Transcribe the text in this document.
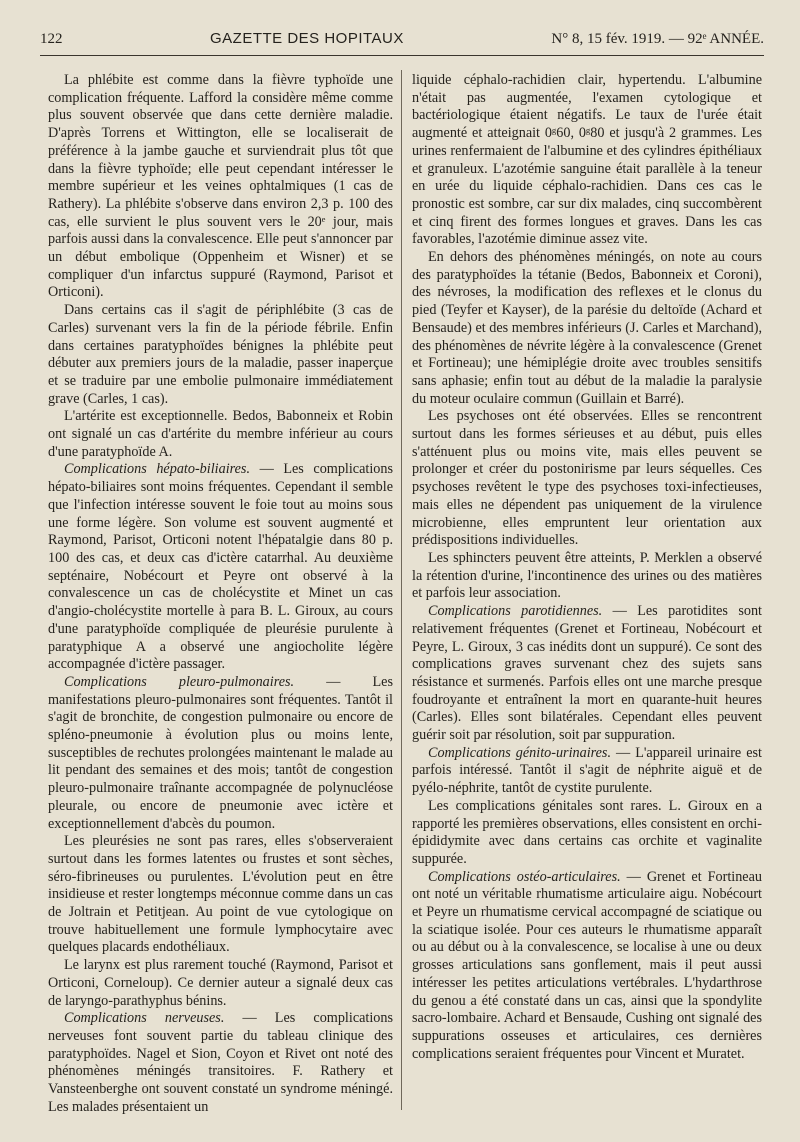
122	GAZETTE DES HOPITAUX	N° 8, 15 fév. 1919. — 92ᵉ ANNÉE.

La phlébite est comme dans la fièvre typhoïde une complication fréquente. Lafford la considère même comme plus souvent observée que dans cette dernière maladie. D'après Torrens et Wittington, elle se localiserait de préférence à la jambe gauche et surviendrait plus tôt que dans la fièvre typhoïde; elle peut cependant intéresser le membre supérieur et les veines ophtalmiques (1 cas de Rathery). La phlébite s'observe dans environ 2,3 p. 100 des cas, elle survient le plus souvent vers le 20ᵉ jour, mais parfois aussi dans la convalescence. Elle peut s'annoncer par un début embolique (Oppenheim et Wisner) et se compliquer d'un infarctus suppuré (Raymond, Parisot et Orticoni).

Dans certains cas il s'agit de périphlébite (3 cas de Carles) survenant vers la fin de la période fébrile. Enfin dans certaines paratyphoïdes bénignes la phlébite peut débuter aux premiers jours de la maladie, passer inaperçue et se traduire par une embolie pulmonaire immédiatement grave (Carles, 1 cas).

L'artérite est exceptionnelle. Bedos, Babonneix et Robin ont signalé un cas d'artérite du membre inférieur au cours d'une paratyphoïde A.

Complications hépato-biliaires. — Les complications hépato-biliaires sont moins fréquentes. Cependant il semble que l'infection intéresse souvent le foie tout au moins sous une forme légère. Son volume est souvent augmenté et Raymond, Parisot, Orticoni notent l'hépatalgie dans 80 p. 100 des cas, et deux cas d'ictère catarrhal. Au deuxième septénaire, Nobécourt et Peyre ont observé à la convalescence un cas de cholécystite et Minet un cas d'angio-cholécystite mortelle à para B. L. Giroux, au cours d'une paratyphoïde compliquée de pleurésie purulente à paratyphique A a observé une angiocholite légère accompagnée d'ictère passager.

Complications pleuro-pulmonaires. — Les manifestations pleuro-pulmonaires sont fréquentes. Tantôt il s'agit de bronchite, de congestion pulmonaire ou encore de spléno-pneumonie à évolution plus ou moins lente, susceptibles de rechutes prolongées maintenant le malade au lit pendant des semaines et des mois; tantôt de congestion pleuro-pulmonaire traînante accompagnée de polynucléose pleurale, ou encore de pneumonie avec ictère et exceptionnellement d'abcès du poumon.

Les pleurésies ne sont pas rares, elles s'observeraient surtout dans les formes latentes ou frustes et sont sèches, séro-fibrineuses ou purulentes. L'évolution peut en être insidieuse et rester longtemps méconnue comme dans un cas de Joltrain et Petitjean. Au point de vue cytologique on trouve habituellement une formule lymphocytaire avec quelques placards endothéliaux.

Le larynx est plus rarement touché (Raymond, Parisot et Orticoni, Corneloup). Ce dernier auteur a signalé deux cas de laryngo-parathyphus bénins.

Complications nerveuses. — Les complications nerveuses font souvent partie du tableau clinique des paratyphoïdes. Nagel et Sion, Coyon et Rivet ont noté des phénomènes méningés transitoires. F. Rathery et Vansteenberghe ont souvent constaté un syndrome méningé. Les malades présentaient un

liquide céphalo-rachidien clair, hypertendu. L'albumine n'était pas augmentée, l'examen cytologique et bactériologique étaient négatifs. Le taux de l'urée était augmenté et atteignait 0ᵍ60, 0ᵍ80 et jusqu'à 2 grammes. Les urines renfermaient de l'albumine et des cylindres épithéliaux et granuleux. L'azotémie sanguine était parallèle à la teneur en urée du liquide céphalo-rachidien. Dans ces cas le pronostic est sombre, car sur dix malades, cinq succombèrent et cinq firent des formes longues et graves. Dans les cas favorables, l'azotémie diminue assez vite.

En dehors des phénomènes méningés, on note au cours des paratyphoïdes la tétanie (Bedos, Babonneix et Coroni), des névroses, la modification des reflexes et le clonus du pied (Teyfer et Kayser), de la parésie du deltoïde (Achard et Bensaude) et des membres inférieurs (J. Carles et Marchand), des phénomènes de névrite légère à la convalescence (Grenet et Fortineau); une hémiplégie droite avec troubles sensitifs sans aphasie; enfin tout au début de la maladie la paralysie du moteur oculaire commun (Guillain et Barré).

Les psychoses ont été observées. Elles se rencontrent surtout dans les formes sérieuses et au début, puis elles s'atténuent plus ou moins vite, mais elles peuvent se prolonger et créer du postonirisme par leurs séquelles. Ces psychoses revêtent le type des psychoses toxi-infectieuses, mais elles ne dépendent pas uniquement de la virulence microbienne, elles empruntent leur orientation aux prédispositions individuelles.

Les sphincters peuvent être atteints, P. Merklen a observé la rétention d'urine, l'incontinence des urines ou des matières et parfois leur association.

Complications parotidiennes. — Les parotidites sont relativement fréquentes (Grenet et Fortineau, Nobécourt et Peyre, L. Giroux, 3 cas inédits dont un suppuré). Ce sont des complications graves survenant chez des sujets sans résistance et surmenés. Parfois elles ont une marche presque foudroyante et entraînent la mort en quarante-huit heures (Carles). Elles sont bilatérales. Cependant elles peuvent guérir soit par résolution, soit par suppuration.

Complications génito-urinaires. — L'appareil urinaire est parfois intéressé. Tantôt il s'agit de néphrite aiguë et de pyélo-néphrite, tantôt de cystite purulente.

Les complications génitales sont rares. L. Giroux en a rapporté les premières observations, elles consistent en orchi-épididymite avec dans certains cas orchite et vaginalite suppurée.

Complications ostéo-articulaires. — Grenet et Fortineau ont noté un véritable rhumatisme articulaire aigu. Nobécourt et Peyre un rhumatisme cervical accompagné de sciatique ou la sciatique isolée. Pour ces auteurs le rhumatisme apparaît ou au début ou à la convalescence, se localise à une ou deux grosses articulations sans gonflement, mais il peut aussi intéresser les petites articulations vertébrales. L'hydarthrose du genou a été constaté dans un cas, ainsi que la spondylite sacro-lombaire. Achard et Bensaude, Cushing ont signalé des suppurations osseuses et articulaires, ces dernières complications seraient fréquentes pour Vincent et Muratet.
